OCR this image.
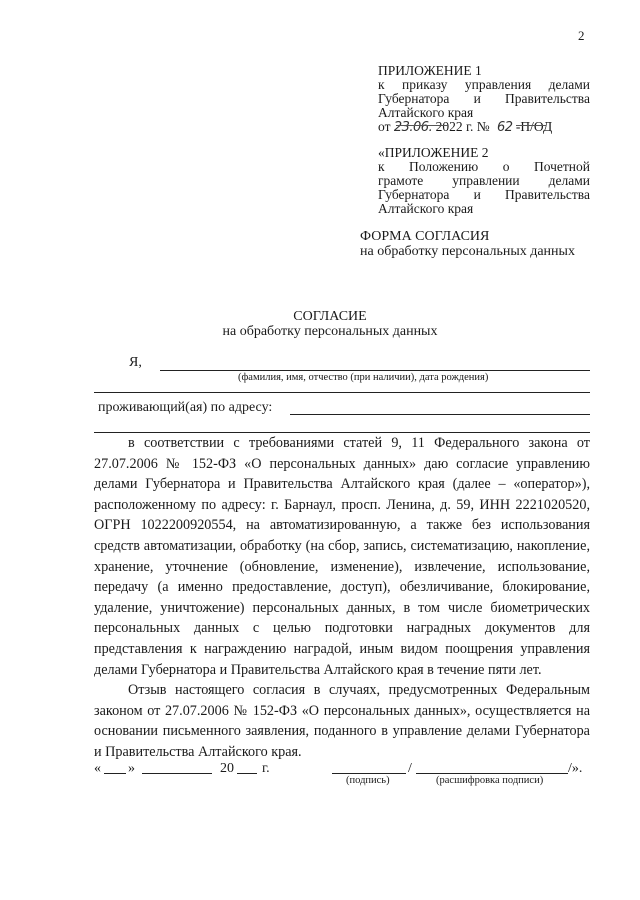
2
ПРИЛОЖЕНИЕ 1
к приказу управления делами
Губернатора и Правительства
Алтайского края
от 23.06. 2022 г. № 62 -П/ОД
«ПРИЛОЖЕНИЕ 2
к Положению о Почетной
грамоте управлении делами
Губернатора и Правительства
Алтайского края
ФОРМА СОГЛАСИЯ
на обработку персональных данных
СОГЛАСИЕ
на обработку персональных данных
Я,
(фамилия, имя, отчество (при наличии), дата рождения)
проживающий(ая) по адресу:

в соответствии с требованиями статей 9, 11 Федерального закона от 27.07.2006 № 152-ФЗ «О персональных данных» даю согласие управлению делами Губернатора и Правительства Алтайского края (далее – «оператор»), расположенному по адресу: г. Барнаул, просп. Ленина, д. 59, ИНН 2221020520, ОГРН 1022200920554, на автоматизированную, а также без использования средств автоматизации, обработку (на сбор, запись, систематизацию, накопление, хранение, уточнение (обновление, изменение), извлечение, использование, передачу (а именно предоставление, доступ), обезличивание, блокирование, удаление, уничтожение) персональных данных, в том числе биометрических персональных данных с целью подготовки наградных документов для представления к награждению наградой, иным видом поощрения управления делами Губернатора и Правительства Алтайского края в течение пяти лет.

Отзыв настоящего согласия в случаях, предусмотренных Федеральным законом от 27.07.2006 № 152-ФЗ «О персональных данных», осуществляется на основании письменного заявления, поданного в управление делами Губернатора и Правительства Алтайского края.

« »	20 г.	/	/».
(подпись)	(расшифровка подписи)
